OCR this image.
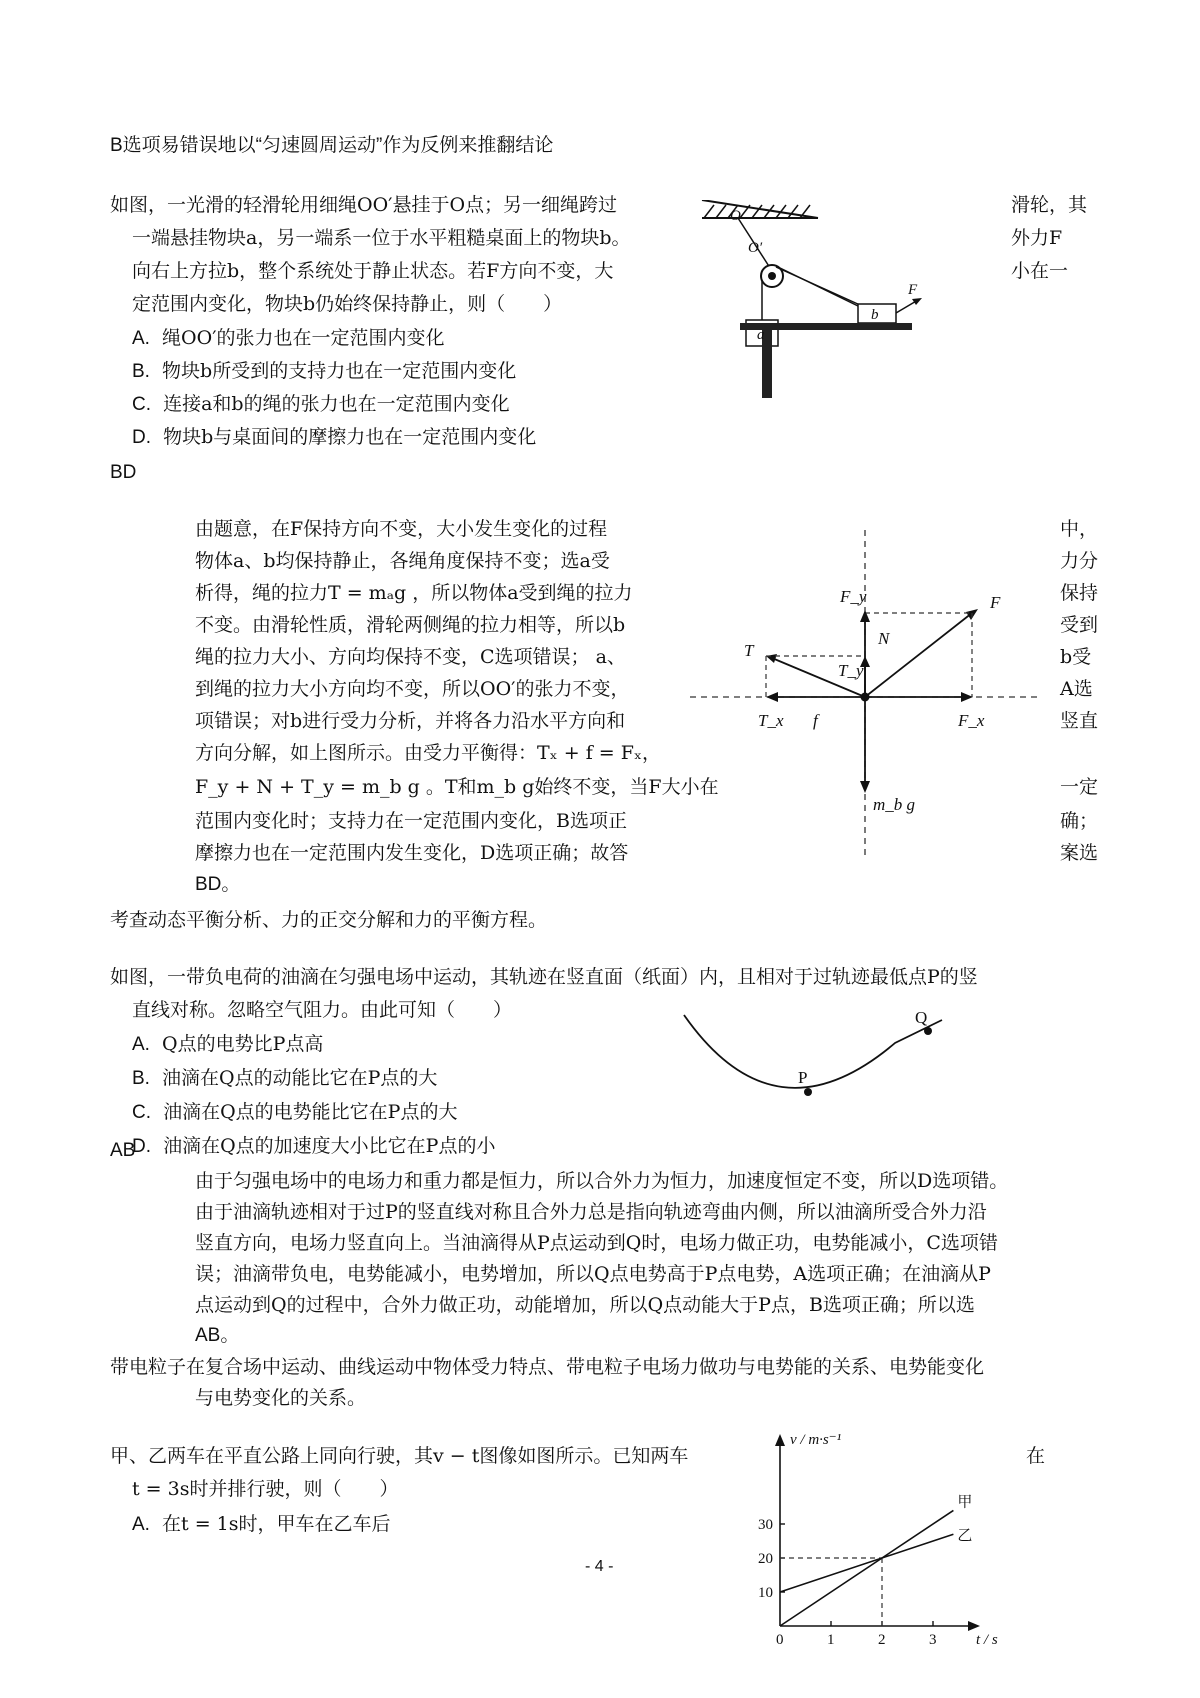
B选项易错误地以“匀速圆周运动”作为反例来推翻结论
如图，一光滑的轻滑轮用细绳OO′悬挂于O点；另一细绳跨过
一端悬挂物块a，另一端系一位于水平粗糙桌面上的物块b。
向右上方拉b，整个系统处于静止状态。若F方向不变，大
定范围内变化，物块b仍始终保持静止，则（　　）
滑轮，其
外力F
小在一
A. 绳OO′的张力也在一定范围内变化
B. 物块b所受到的支持力也在一定范围内变化
C. 连接a和b的绳的张力也在一定范围内变化
D. 物块b与桌面间的摩擦力也在一定范围内变化
BD
O
O′
a
b
F
由题意，在F保持方向不变，大小发生变化的过程
物体a、b均保持静止，各绳角度保持不变；选a受
析得，绳的拉力T = mₐg ，所以物体a受到绳的拉力
不变。由滑轮性质，滑轮两侧绳的拉力相等，所以b
绳的拉力大小、方向均保持不变，C选项错误； a、
到绳的拉力大小方向均不变，所以OO′的张力不变，
项错误；对b进行受力分析，并将各力沿水平方向和
方向分解，如上图所示。由受力平衡得：Tₓ + f = Fₓ，
F_y + N + T_y = m_b g 。T和m_b g始终不变，当F大小在
范围内变化时；支持力在一定范围内变化，B选项正
摩擦力也在一定范围内发生变化，D选项正确；故答
BD。
中，
力分
保持
受到
b受
A选
竖直
一定
确；
案选
F_y	F
N
T
T_y
T_x f	F_x
m_b g
考查动态平衡分析、力的正交分解和力的平衡方程。
如图，一带负电荷的油滴在匀强电场中运动，其轨迹在竖直面（纸面）内，且相对于过轨迹最低点P的竖
直线对称。忽略空气阻力。由此可知（　　）
A. Q点的电势比P点高
B. 油滴在Q点的动能比它在P点的大
C. 油滴在Q点的电势能比它在P点的大
D. 油滴在Q点的加速度大小比它在P点的小
P
Q
AB
由于匀强电场中的电场力和重力都是恒力，所以合外力为恒力，加速度恒定不变，所以D选项错。
由于油滴轨迹相对于过P的竖直线对称且合外力总是指向轨迹弯曲内侧，所以油滴所受合外力沿
竖直方向，电场力竖直向上。当油滴得从P点运动到Q时，电场力做正功，电势能减小，C选项错
误；油滴带负电，电势能减小，电势增加，所以Q点电势高于P点电势，A选项正确；在油滴从P
点运动到Q的过程中，合外力做正功，动能增加，所以Q点动能大于P点，B选项正确；所以选
AB。
带电粒子在复合场中运动、曲线运动中物体受力特点、带电粒子电场力做功与电势能的关系、电势能变化
与电势变化的关系。
甲、乙两车在平直公路上同向行驶，其v − t图像如图所示。已知两车
t = 3s时并排行驶，则（　　）
在
A. 在t = 1s时，甲车在乙车后
0	1	2	3
10
20
30
甲
乙
v / m·s⁻¹
t / s
- 4 -
